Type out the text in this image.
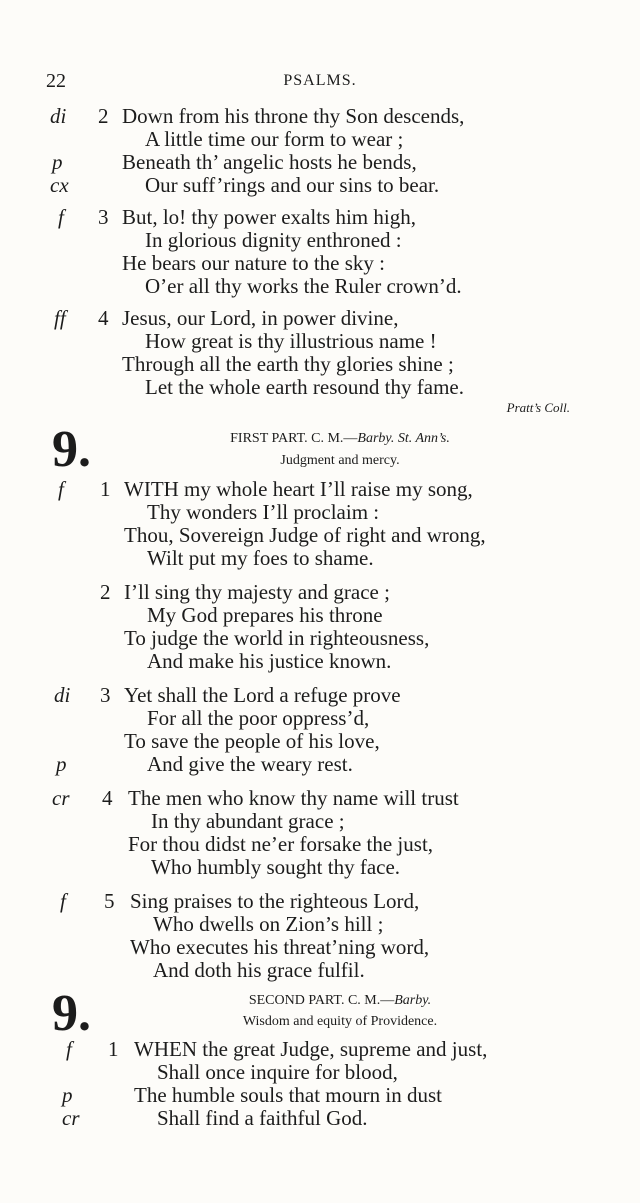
22	PSALMS.
di 2 Down from his throne thy Son descends,
A little time our form to wear ;
p	Beneath th’ angelic hosts he bends,
cx	Our suff’rings and our sins to bear.
f 3 But, lo! thy power exalts him high,
In glorious dignity enthroned :
He bears our nature to the sky :
O’er all thy works the Ruler crown’d.
ff 4 Jesus, our Lord, in power divine,
How great is thy illustrious name !
Through all the earth thy glories shine ;
Let the whole earth resound thy fame.
Pratt’s Coll.
9.	FIRST PART. C. M.—Barby. St. Ann’s.
Judgment and mercy.
f 1 WITH my whole heart I’ll raise my song,
Thy wonders I’ll proclaim :
Thou, Sovereign Judge of right and wrong,
Wilt put my foes to shame.
2 I’ll sing thy majesty and grace ;
My God prepares his throne
To judge the world in righteousness,
And make his justice known.
di 3 Yet shall the Lord a refuge prove
For all the poor oppress’d,
To save the people of his love,
p	And give the weary rest.
cr 4 The men who know thy name will trust
In thy abundant grace ;
For thou didst ne’er forsake the just,
Who humbly sought thy face.
f 5 Sing praises to the righteous Lord,
Who dwells on Zion’s hill ;
Who executes his threat’ning word,
And doth his grace fulfil.
9.	SECOND PART. C. M.—Barby.
Wisdom and equity of Providence.
f 1 WHEN the great Judge, supreme and just,
Shall once inquire for blood,
p	The humble souls that mourn in dust
cr	Shall find a faithful God.
